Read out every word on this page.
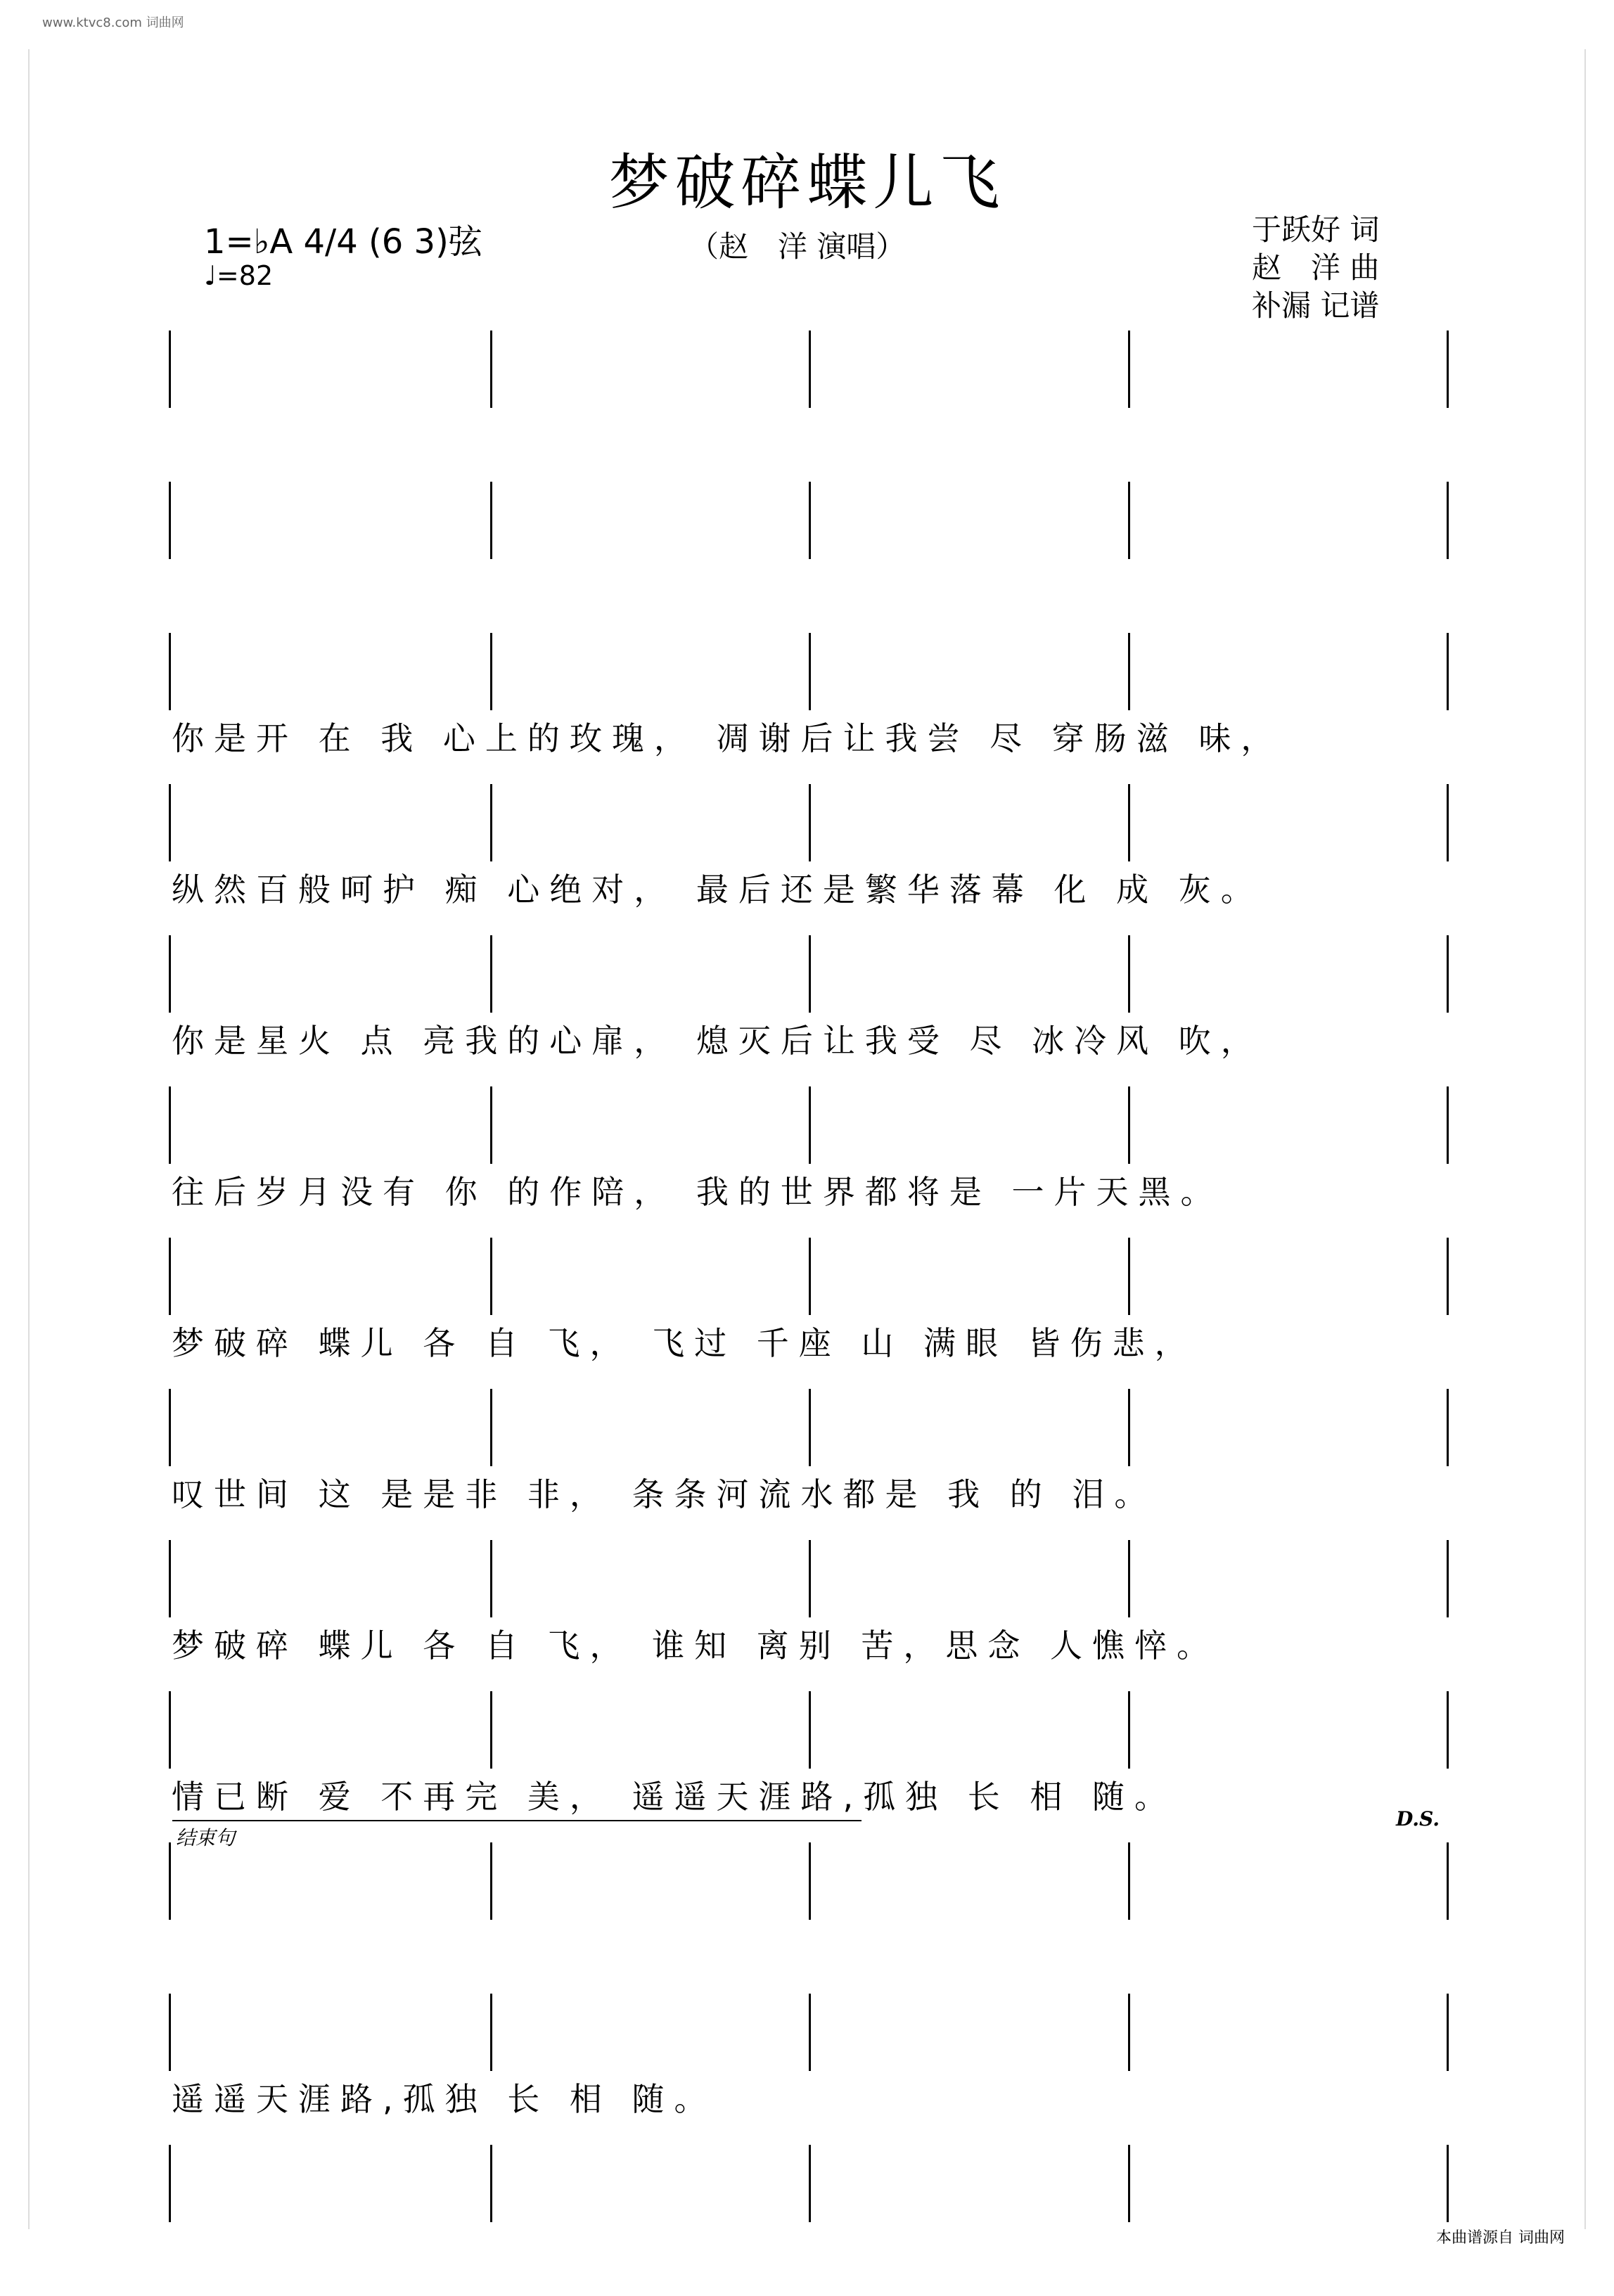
www.ktvc8.com 词曲网
梦破碎蝶儿飞
1=♭A 4/4 (6 3)弦
♩=82
（赵　洋 演唱）	于跃好 词
赵　洋 曲
补漏 记谱
你是开 在 我 心上的玫瑰， 凋谢后让我尝 尽 穿肠滋 味，
纵然百般呵护 痴 心绝对， 最后还是繁华落幕 化 成 灰。
你是星火 点 亮我的心扉， 熄灭后让我受 尽 冰冷风 吹，
往后岁月没有 你 的作陪， 我的世界都将是 一片天黑。
梦破碎 蝶儿 各 自 飞， 飞过 千座 山 满眼 皆伤悲，
叹世间 这 是是非 非， 条条河流水都是 我 的 泪。
梦破碎 蝶儿 各 自 飞， 谁知 离别 苦，思念 人憔悴。
情已断 爱 不再完 美， 遥遥天涯路,孤独 长 相 随。
遥遥天涯路,孤独 长 相 随。
结束句
D.S.
本曲谱源自 词曲网
